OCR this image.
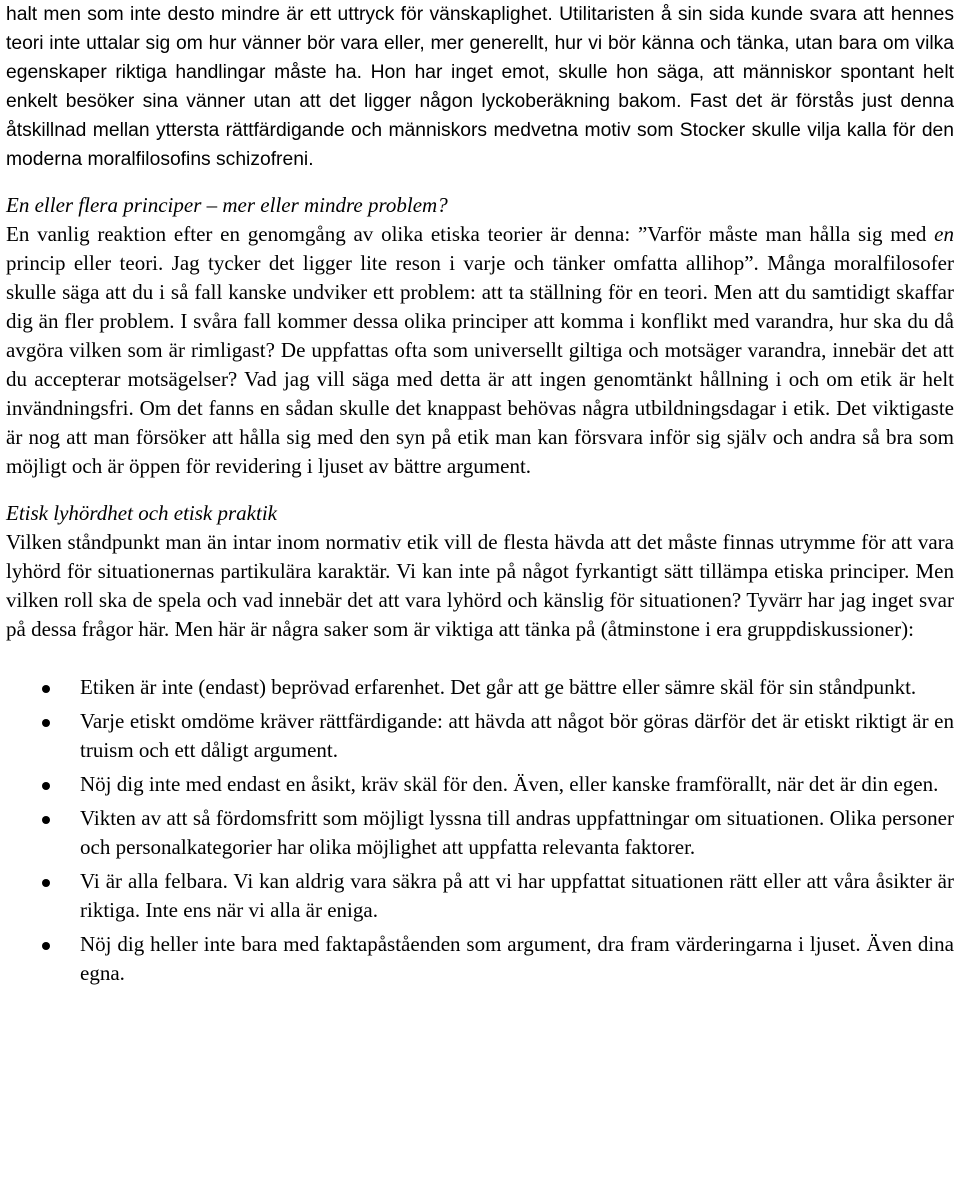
halt men som inte desto mindre är ett uttryck för vänskaplighet. Utilitaristen å sin sida kunde svara att hennes teori inte uttalar sig om hur vänner bör vara eller, mer generellt, hur vi bör känna och tänka, utan bara om vilka egenskaper riktiga handlingar måste ha. Hon har inget emot, skulle hon säga, att människor spontant helt enkelt besöker sina vänner utan att det ligger någon lyckoberäkning bakom. Fast det är förstås just denna åtskillnad mellan yttersta rättfärdigande och människors medvetna motiv som Stocker skulle vilja kalla för den moderna moralfilosofins schizofreni.

En eller flera principer – mer eller mindre problem?

En vanlig reaktion efter en genomgång av olika etiska teorier är denna: ”Varför måste man hålla sig med en princip eller teori. Jag tycker det ligger lite reson i varje och tänker omfatta allihop”. Många moralfilosofer skulle säga att du i så fall kanske undviker ett problem: att ta ställning för en teori. Men att du samtidigt skaffar dig än fler problem. I svåra fall kommer dessa olika principer att komma i konflikt med varandra, hur ska du då avgöra vilken som är rimligast? De uppfattas ofta som universellt giltiga och motsäger varandra, innebär det att du accepterar motsägelser? Vad jag vill säga med detta är att ingen genomtänkt hållning i och om etik är helt invändningsfri. Om det fanns en sådan skulle det knappast behövas några utbildningsdagar i etik. Det viktigaste är nog att man försöker att hålla sig med den syn på etik man kan försvara inför sig själv och andra så bra som möjligt och är öppen för revidering i ljuset av bättre argument.

Etisk lyhördhet och etisk praktik

Vilken ståndpunkt man än intar inom normativ etik vill de flesta hävda att det måste finnas utrymme för att vara lyhörd för situationernas partikulära karaktär. Vi kan inte på något fyrkantigt sätt tillämpa etiska principer. Men vilken roll ska de spela och vad innebär det att vara lyhörd och känslig för situationen? Tyvärr har jag inget svar på dessa frågor här. Men här är några saker som är viktiga att tänka på (åtminstone i era gruppdiskussioner):

Etiken är inte (endast) beprövad erfarenhet. Det går att ge bättre eller sämre skäl för sin ståndpunkt.
Varje etiskt omdöme kräver rättfärdigande: att hävda att något bör göras därför det är etiskt riktigt är en truism och ett dåligt argument.
Nöj dig inte med endast en åsikt, kräv skäl för den. Även, eller kanske framförallt, när det är din egen.
Vikten av att så fördomsfritt som möjligt lyssna till andras uppfattningar om situationen. Olika personer och personalkategorier har olika möjlighet att uppfatta relevanta faktorer.
Vi är alla felbara. Vi kan aldrig vara säkra på att vi har uppfattat situationen rätt eller att våra åsikter är riktiga. Inte ens när vi alla är eniga.
Nöj dig heller inte bara med faktapåståenden som argument, dra fram värderingarna i ljuset. Även dina egna.
